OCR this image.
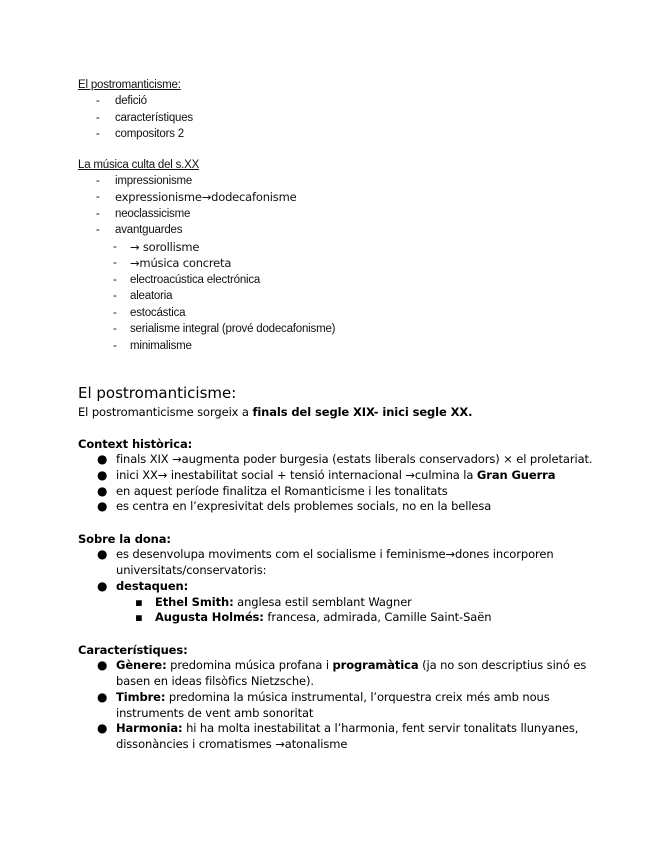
El postromanticisme:
- defició
- característiques
- compositors 2
La música culta del s.XX
- impressionisme
- expressionisme→dodecafonisme
- neoclassicisme
- avantguardes
- → sorollisme
- →música concreta
- electroacústica electrónica
- aleatoria
- estocástica
- serialisme integral (prové dodecafonisme)
- minimalisme
El postromanticisme:
El postromanticisme sorgeix a finals del segle XIX- inici segle XX.
Context històrica:
● finals XIX →augmenta poder burgesia (estats liberals conservadors) × el proletariat.
● inici XX→ inestabilitat social + tensió internacional →culmina la Gran Guerra
● en aquest període finalitza el Romanticisme i les tonalitats
● es centra en l’expresivitat dels problemes socials, no en la bellesa
Sobre la dona:
● es desenvolupa moviments com el socialisme i feminisme→dones incorporen universitats/conservatoris:
● destaquen:
▪ Ethel Smith: anglesa estil semblant Wagner
▪ Augusta Holmés: francesa, admirada, Camille Saint-Saën
Característiques:
● Gènere: predomina música profana i programàtica (ja no son descriptius sinó es basen en ideas filsòfics Nietzsche).
● Timbre: predomina la música instrumental, l’orquestra creix més amb nous instruments de vent amb sonoritat
● Harmonia: hi ha molta inestabilitat a l’harmonia, fent servir tonalitats llunyanes, dissonàncies i cromatismes →atonalisme
